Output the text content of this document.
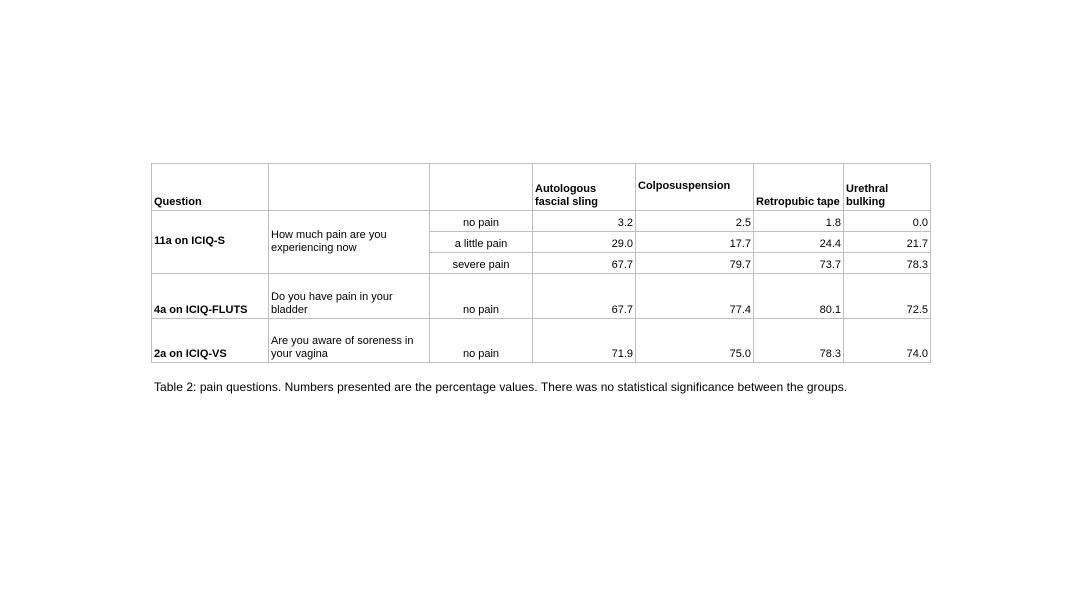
Question			Autologous fascial sling	Colposuspension	Retropubic tape	Urethral bulking
11a on ICIQ-S	How much pain are you experiencing now	no pain	3.2	2.5	1.8	0.0
		a little pain	29.0	17.7	24.4	21.7
		severe pain	67.7	79.7	73.7	78.3
4a on ICIQ-FLUTS	Do you have pain in your bladder	no pain	67.7	77.4	80.1	72.5
2a on ICIQ-VS	Are you aware of soreness in your vagina	no pain	71.9	75.0	78.3	74.0
Table 2: pain questions. Numbers presented are the percentage values. There was no statistical significance between the groups.
